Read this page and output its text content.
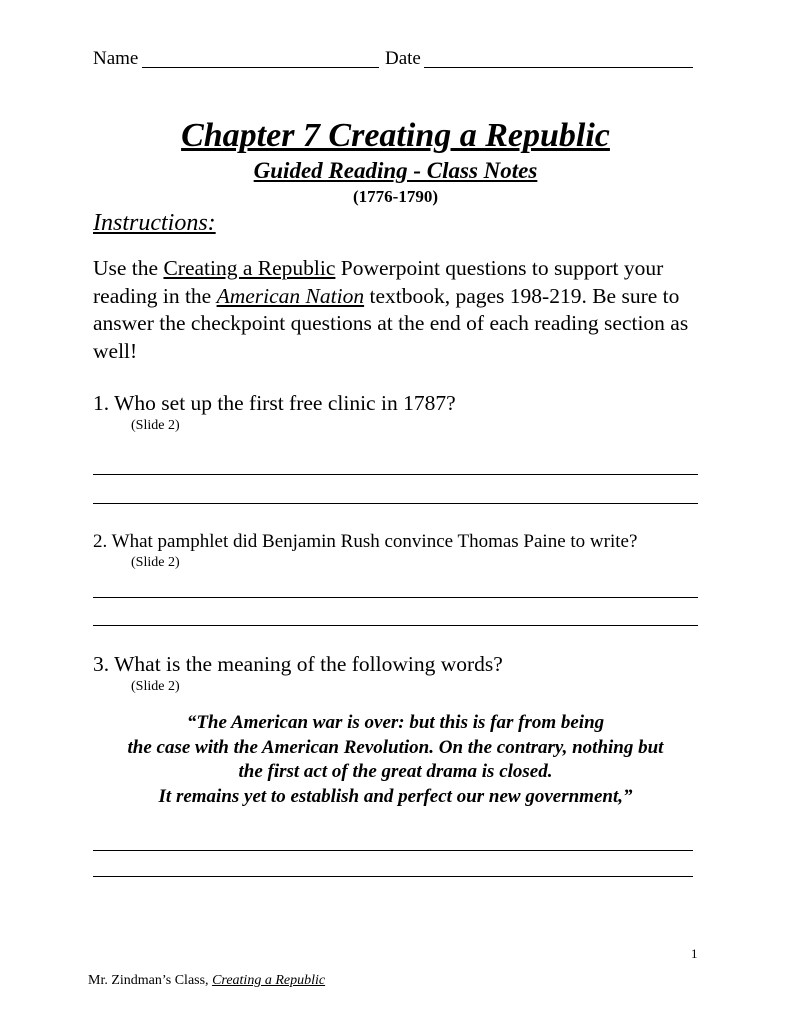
Name	Date
Chapter 7 Creating a Republic
Guided Reading - Class Notes
(1776-1790)
Instructions:
Use the Creating a Republic Powerpoint questions to support your reading in the American Nation textbook, pages 198-219. Be sure to answer the checkpoint questions at the end of each reading section as well!
1. Who set up the first free clinic in 1787?
(Slide 2)
2. What pamphlet did Benjamin Rush convince Thomas Paine to write?
(Slide 2)
3. What is the meaning of the following words?
(Slide 2)
“The American war is over: but this is far from being
the case with the American Revolution. On the contrary, nothing but
the first act of the great drama is closed.
It remains yet to establish and perfect our new government,”
1
Mr. Zindman’s Class, Creating a Republic
